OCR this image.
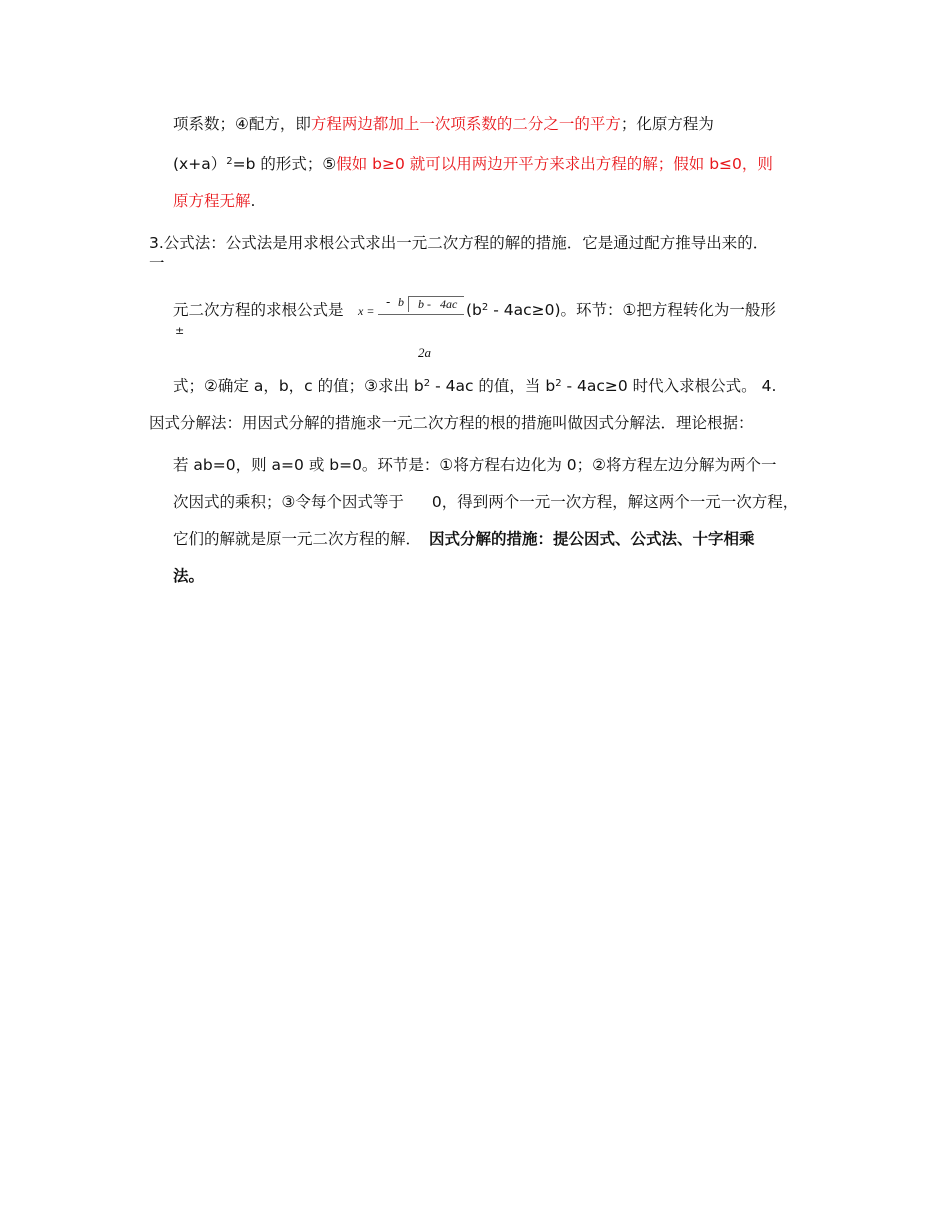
项系数；④配方，即方程两边都加上一次项系数的二分之一的平方；化原方程为
(x+a）$^2$=b 的形式；⑤假如 b≥0 就可以用两边开平方来求出方程的解；假如 b≤0，则
原方程无解.
3.公式法：公式法是用求根公式求出一元二次方程的解的措施．它是通过配方推导出来的．
一
元二次方程的求根公式是 x =
- b b - 4ac
±
2a
$(b^2 - 4ac\ge 0)$。环节：①把方程转化为一般形
式；②确定 a，b，c 的值；③求出 $b^2 - 4ac$ 的值，当 $b^2 - 4ac\ge 0$ 时代入求根公式。 4.
因式分解法：用因式分解的措施求一元二次方程的根的措施叫做因式分解法．理论根据：
若 ab=0，则 a=0 或 b=0。环节是：①将方程右边化为 0；②将方程左边分解为两个一
次因式的乘积；③令每个因式等于 0，得到两个一元一次方程，解这两个一元一次方程，
它们的解就是原一元二次方程的解． 因式分解的措施：提公因式、公式法、十字相乘
法。
